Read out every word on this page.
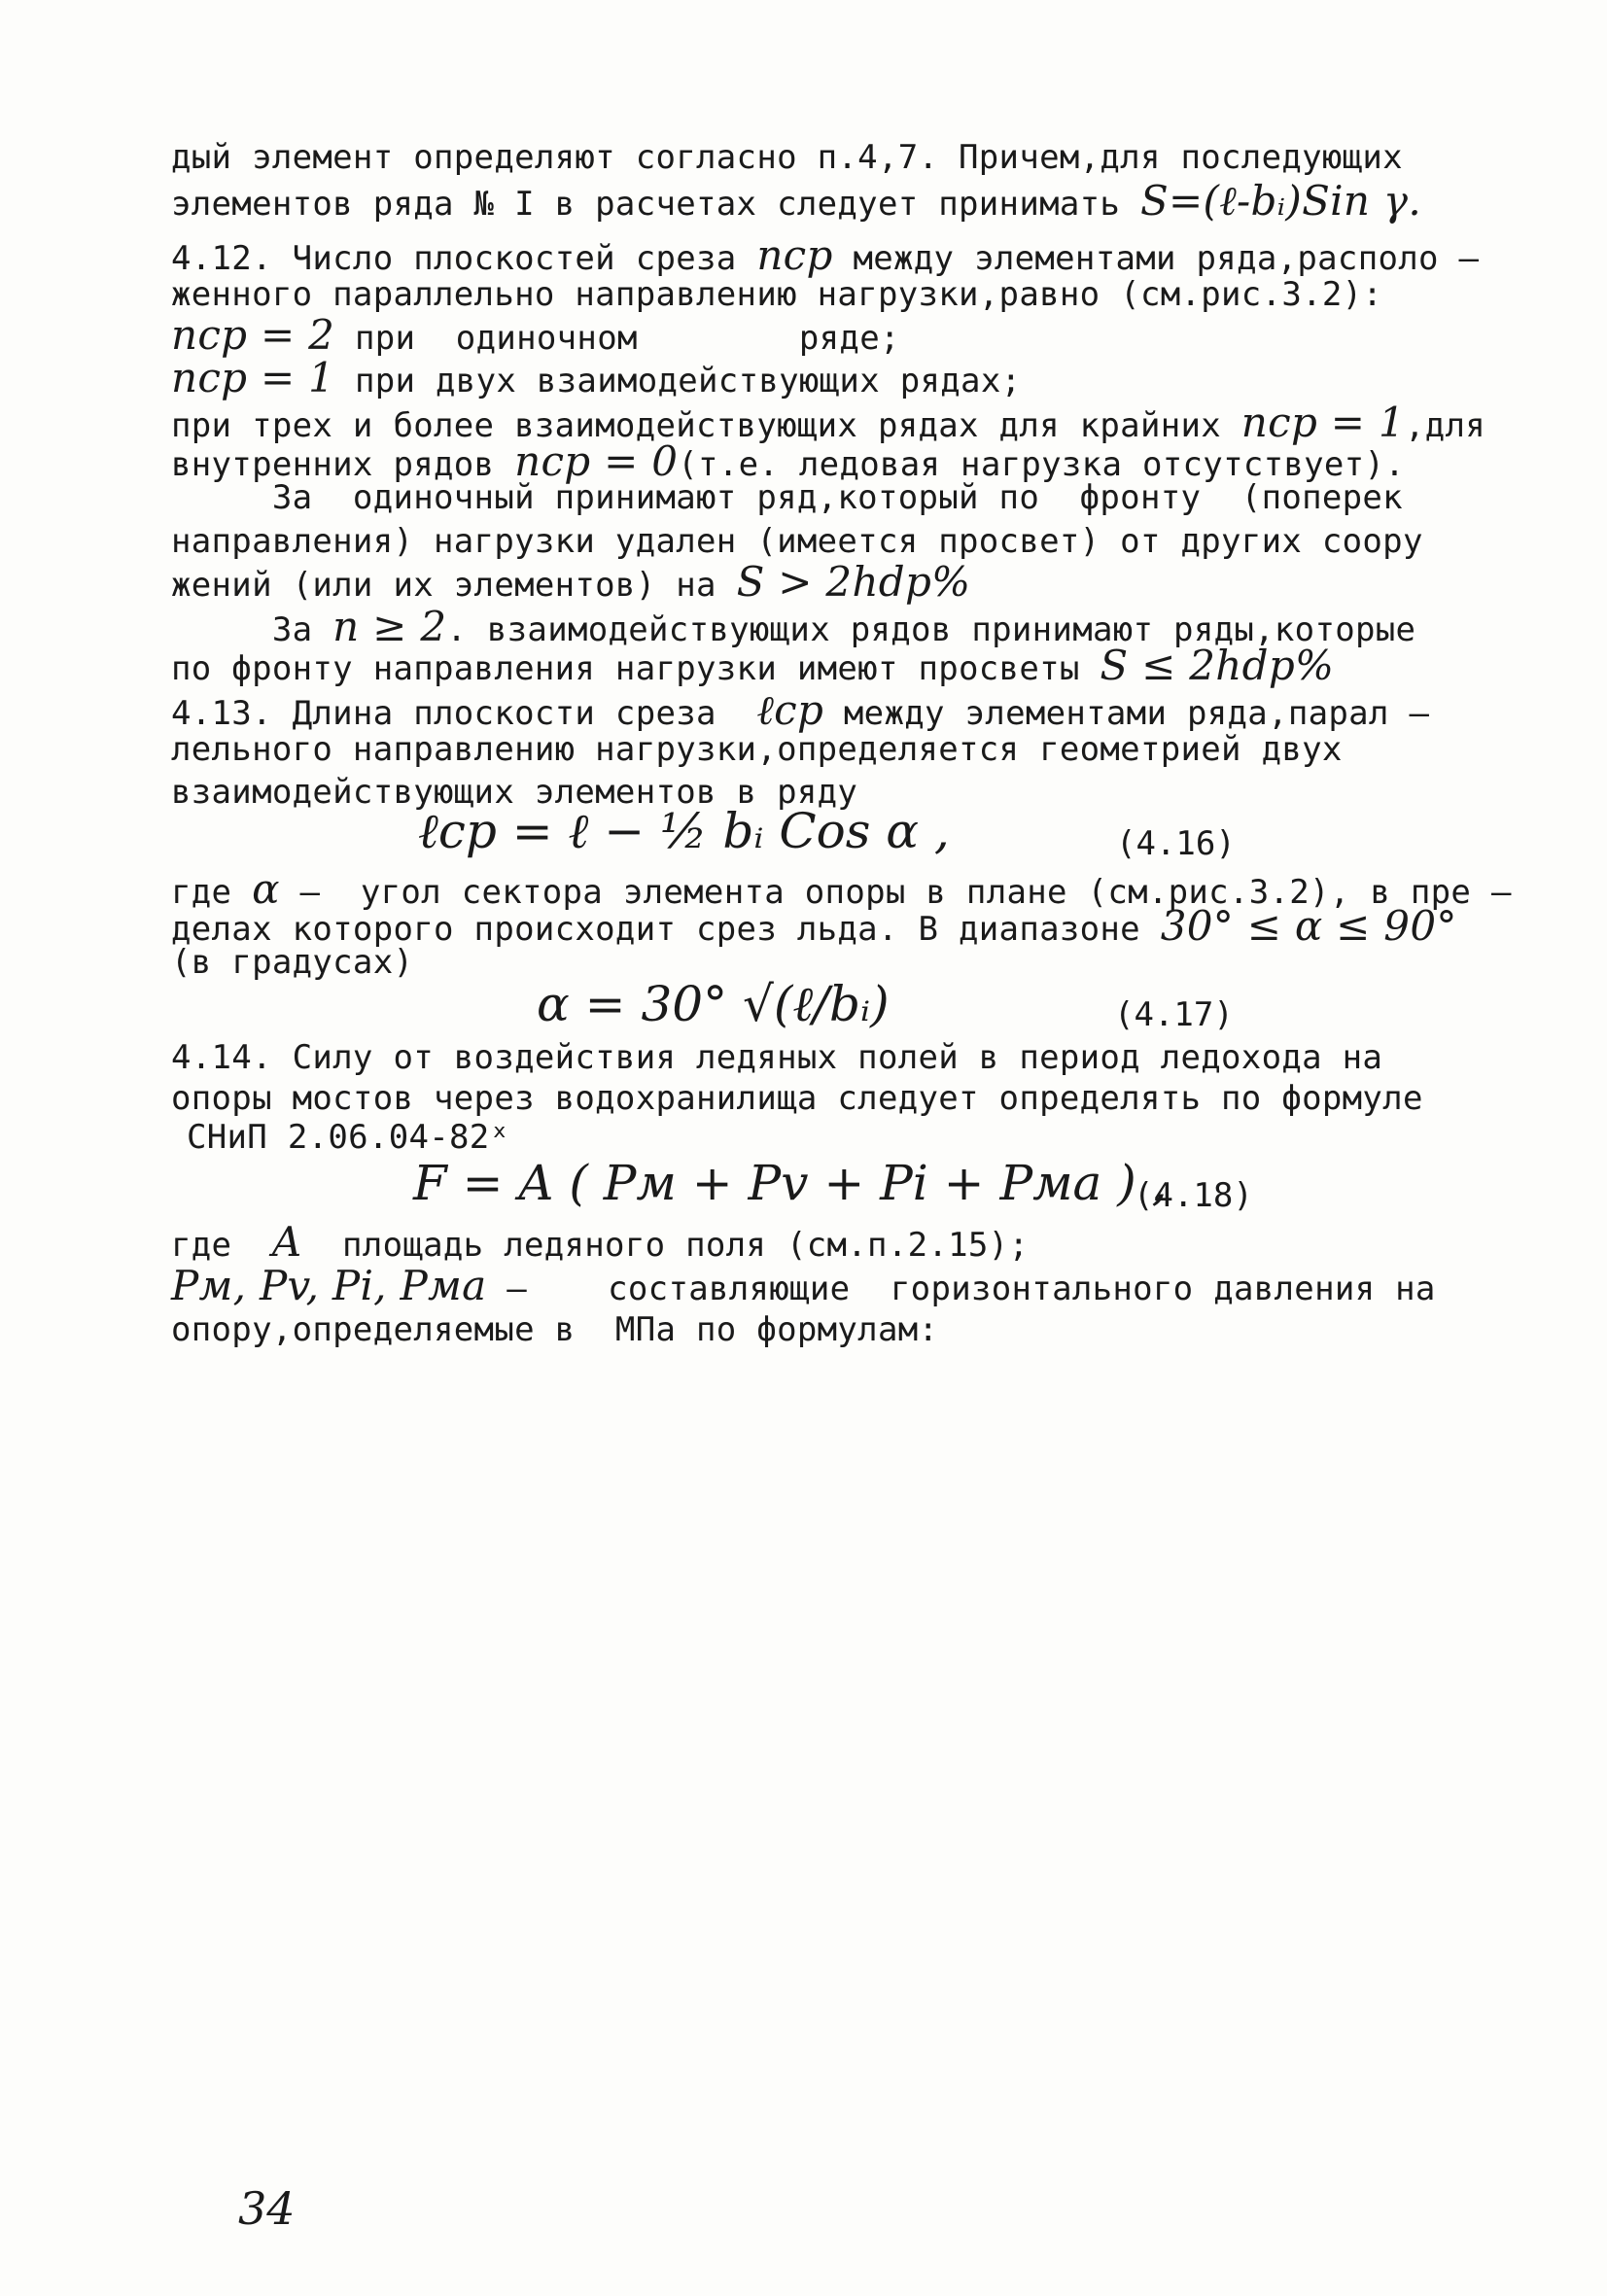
дый элемент определяют согласно п.4,7. Причем,для последующих
элементов ряда № I в расчетах следует принимать S=(ℓ-bᵢ)Sin γ.
4.12. Число плоскостей среза nср между элементами ряда,располо –
женного параллельно направлению нагрузки,равно (см.рис.3.2):
nср = 2 при  одиночном        ряде;
nср = 1 при двух взаимодействующих рядах;
при трех и более взаимодействующих рядах для крайних nср = 1,для
внутренних рядов nср = 0(т.е. ледовая нагрузка отсутствует).
За  одиночный принимают ряд,который по  фронту  (поперек
направления) нагрузки удален (имеется просвет) от других соору
жений (или их элементов) на S > 2hdр%
За n ≥ 2. взаимодействующих рядов принимают ряды,которые
по фронту направления нагрузки имеют просветы S ≤ 2hdр%
4.13. Длина плоскости среза  ℓср между элементами ряда,парал –
лельного направлению нагрузки,определяется геометрией двух
взаимодействующих элементов в ряду
ℓср = ℓ − ½ bᵢ Cos α ,	(4.16)
где α –  угол сектора элемента опоры в плане (см.рис.3.2), в пре –
делах которого происходит срез льда. В диапазоне 30° ≤ α ≤ 90°
(в градусах)
α = 30° √(ℓ/bᵢ)	(4.17)
4.14. Силу от воздействия ледяных полей в период ледохода на
опоры мостов через водохранилища следует определять по формуле
СНиП 2.06.04-82ˣ
F = A ( Pм + Pv + Pi + Pма ) ,
(4.18)
где  A  площадь ледяного поля (см.п.2.15);
Pм, Pv, Pi, Pма –    составляющие  горизонтального давления на
опору,определяемые в  МПа по формулам:
34
